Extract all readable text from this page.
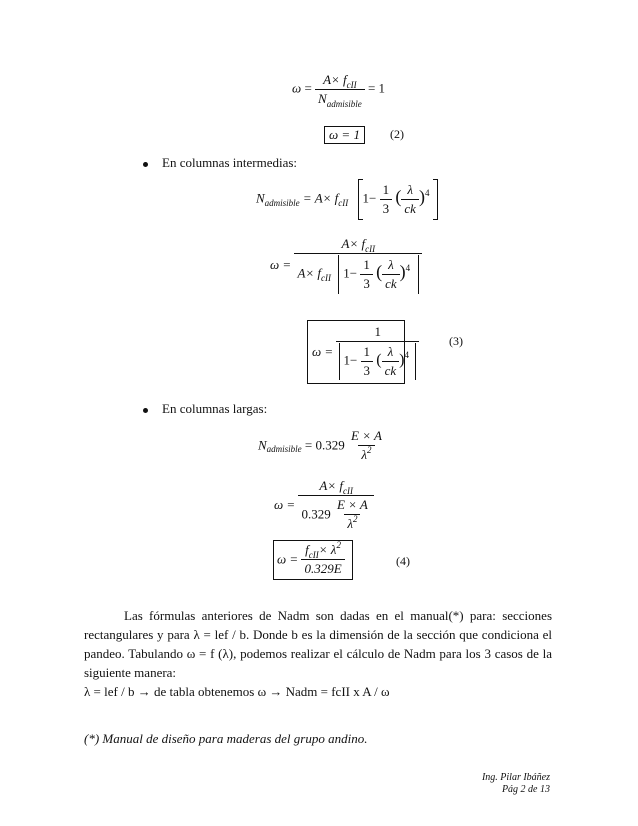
$\omega = \frac{A\times f_{cII}}{N_{admisible}} = 1$
ω = 1	(2)
En columnas intermedias:
$N_{admisible} = A\times f_{cII}$ $1- \frac{1}{3}$ ( $\frac{\lambda}{ck} )^4$
$\omega = \frac{A\times f_{cII}}{A\times f_{cII} 1- \frac{1}{3} ( \frac{\lambda}{ck} )^4}$
$\omega = \frac{1}{1- \frac{1}{3} ( \frac{\lambda}{ck} )^4}$	(3)
En columnas largas:
$N_{admisible} = 0.329 \frac{E \times A}{\lambda^2}$
$\omega = \frac{A\times f_{cII}}{0.329 \frac{E \times A}{\lambda^2}}$
$\omega = \frac{f_{cII}\times \lambda^2}{0.329E}$	(4)
Las fórmulas anteriores de Nadm son dadas en el manual(*) para: secciones rectangulares y para λ = lef / b. Donde b es la dimensión de la sección que condiciona el pandeo. Tabulando ω = f (λ), podemos realizar el cálculo de Nadm para los 3 casos de la siguiente manera:
λ = lef / b → de tabla obtenemos ω → Nadm = fcII x A / ω
(*) Manual de diseño para maderas del grupo andino.
Ing. Pilar Ibáñez
Pág 2 de 13
